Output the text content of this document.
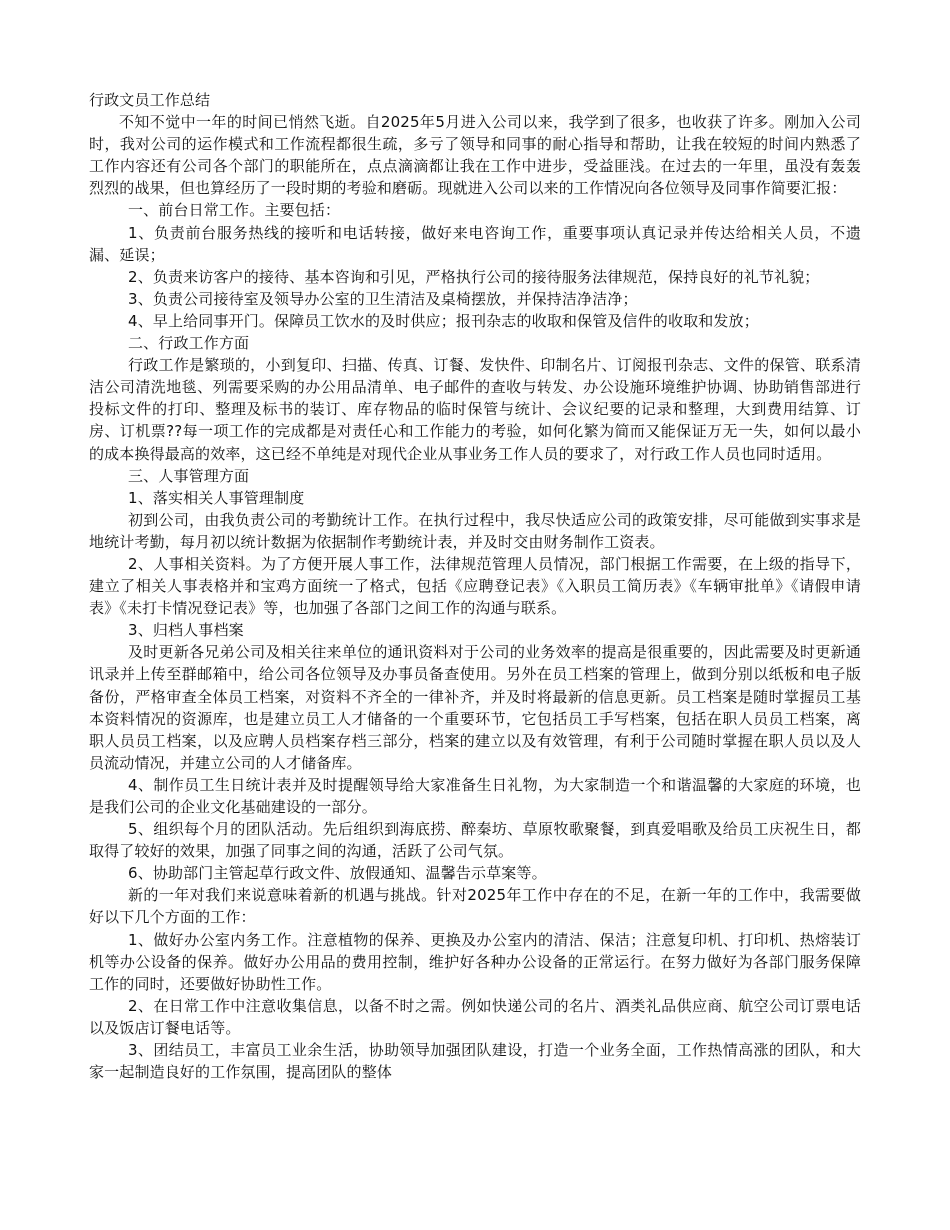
行政文员工作总结

不知不觉中一年的时间已悄然飞逝。自2025年5月进入公司以来，我学到了很多，也收获了许多。刚加入公司时，我对公司的运作模式和工作流程都很生疏，多亏了领导和同事的耐心指导和帮助，让我在较短的时间内熟悉了工作内容还有公司各个部门的职能所在，点点滴滴都让我在工作中进步，受益匪浅。在过去的一年里，虽没有轰轰烈烈的战果，但也算经历了一段时期的考验和磨砺。现就进入公司以来的工作情况向各位领导及同事作简要汇报：

一、前台日常工作。主要包括：

1、负责前台服务热线的接听和电话转接，做好来电咨询工作，重要事项认真记录并传达给相关人员，不遗漏、延误；

2、负责来访客户的接待、基本咨询和引见，严格执行公司的接待服务法律规范，保持良好的礼节礼貌；

3、负责公司接待室及领导办公室的卫生清洁及桌椅摆放，并保持洁净洁净；

4、早上给同事开门。保障员工饮水的及时供应；报刊杂志的收取和保管及信件的收取和发放；

二、行政工作方面

行政工作是繁琐的，小到复印、扫描、传真、订餐、发快件、印制名片、订阅报刊杂志、文件的保管、联系清洁公司清洗地毯、列需要采购的办公用品清单、电子邮件的查收与转发、办公设施环境维护协调、协助销售部进行投标文件的打印、整理及标书的装订、库存物品的临时保管与统计、会议纪要的记录和整理，大到费用结算、订房、订机票??每一项工作的完成都是对责任心和工作能力的考验，如何化繁为简而又能保证万无一失，如何以最小的成本换得最高的效率，这已经不单纯是对现代企业从事业务工作人员的要求了，对行政工作人员也同时适用。

三、人事管理方面

1、落实相关人事管理制度

初到公司，由我负责公司的考勤统计工作。在执行过程中，我尽快适应公司的政策安排，尽可能做到实事求是地统计考勤，每月初以统计数据为依据制作考勤统计表，并及时交由财务制作工资表。

2、人事相关资料。为了方便开展人事工作，法律规范管理人员情况，部门根据工作需要，在上级的指导下，建立了相关人事表格并和宝鸡方面统一了格式，包括《应聘登记表》《入职员工简历表》《车辆审批单》《请假申请表》《未打卡情况登记表》等，也加强了各部门之间工作的沟通与联系。

3、归档人事档案

及时更新各兄弟公司及相关往来单位的通讯资料对于公司的业务效率的提高是很重要的，因此需要及时更新通讯录并上传至群邮箱中，给公司各位领导及办事员备查使用。另外在员工档案的管理上，做到分别以纸板和电子版备份，严格审查全体员工档案，对资料不齐全的一律补齐，并及时将最新的信息更新。员工档案是随时掌握员工基本资料情况的资源库，也是建立员工人才储备的一个重要环节，它包括员工手写档案，包括在职人员员工档案，离职人员员工档案，以及应聘人员档案存档三部分，档案的建立以及有效管理，有利于公司随时掌握在职人员以及人员流动情况，并建立公司的人才储备库。

4、制作员工生日统计表并及时提醒领导给大家准备生日礼物，为大家制造一个和谐温馨的大家庭的环境，也是我们公司的企业文化基础建设的一部分。

5、组织每个月的团队活动。先后组织到海底捞、醉秦坊、草原牧歌聚餐，到真爱唱歌及给员工庆祝生日，都取得了较好的效果，加强了同事之间的沟通，活跃了公司气氛。

6、协助部门主管起草行政文件、放假通知、温馨告示草案等。

新的一年对我们来说意味着新的机遇与挑战。针对2025年工作中存在的不足，在新一年的工作中，我需要做好以下几个方面的工作：

1、做好办公室内务工作。注意植物的保养、更换及办公室内的清洁、保洁；注意复印机、打印机、热熔装订机等办公设备的保养。做好办公用品的费用控制，维护好各种办公设备的正常运行。在努力做好为各部门服务保障工作的同时，还要做好协助性工作。

2、在日常工作中注意收集信息，以备不时之需。例如快递公司的名片、酒类礼品供应商、航空公司订票电话以及饭店订餐电话等。

3、团结员工，丰富员工业余生活，协助领导加强团队建设，打造一个业务全面，工作热情高涨的团队，和大家一起制造良好的工作氛围，提高团队的整体
